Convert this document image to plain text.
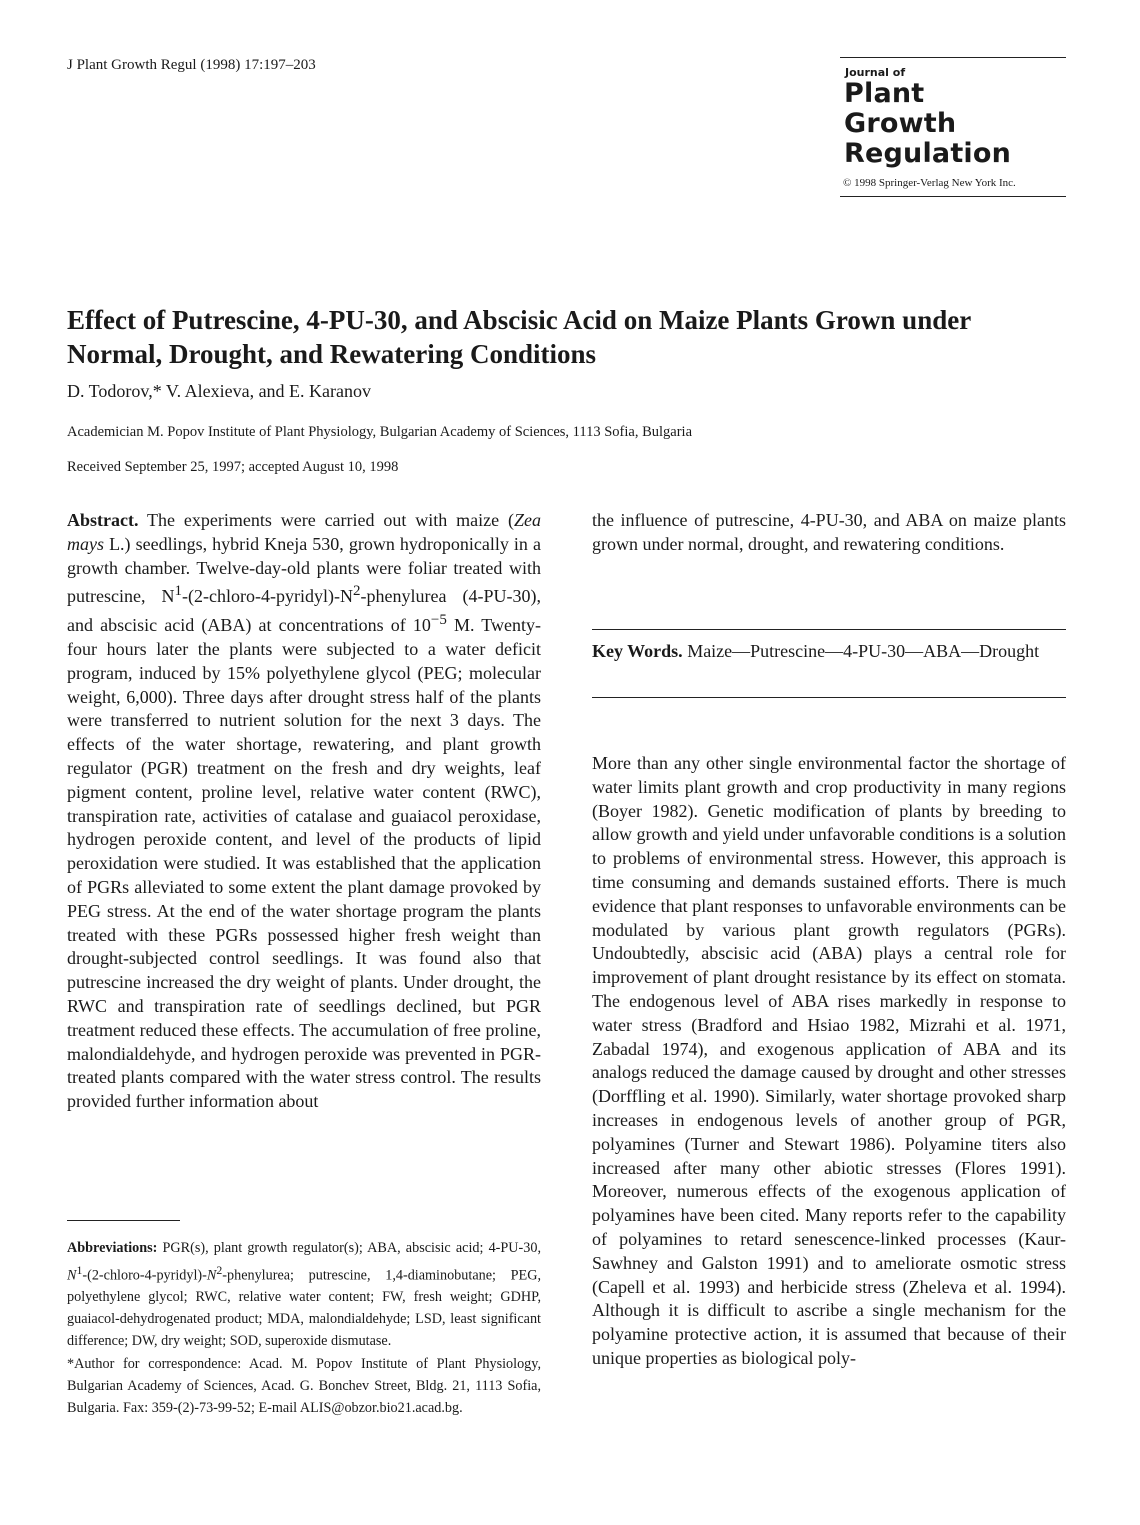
J Plant Growth Regul (1998) 17:197–203	Journal of
Plant
Growth
Regulation
© 1998 Springer-Verlag New York Inc.
Effect of Putrescine, 4-PU-30, and Abscisic Acid on Maize Plants Grown under Normal, Drought, and Rewatering Conditions
D. Todorov,* V. Alexieva, and E. Karanov
Academician M. Popov Institute of Plant Physiology, Bulgarian Academy of Sciences, 1113 Sofia, Bulgaria
Received September 25, 1997; accepted August 10, 1998

Abstract. The experiments were carried out with maize (Zea mays L.) seedlings, hybrid Kneja 530, grown hydroponically in a growth chamber. Twelve-day-old plants were foliar treated with putrescine, $N^1-(2-chloro-4-pyridyl)-N^2$-phenylurea (4-PU-30), and abscisic acid (ABA) at concentrations of $10^{-5}$ M. Twenty-four hours later the plants were subjected to a water deficit program, induced by 15% polyethylene glycol (PEG; molecular weight, 6,000). Three days after drought stress half of the plants were transferred to nutrient solution for the next 3 days. The effects of the water shortage, rewatering, and plant growth regulator (PGR) treatment on the fresh and dry weights, leaf pigment content, proline level, relative water content (RWC), transpiration rate, activities of catalase and guaiacol peroxidase, hydrogen peroxide content, and level of the products of lipid peroxidation were studied. It was established that the application of PGRs alleviated to some extent the plant damage provoked by PEG stress. At the end of the water shortage program the plants treated with these PGRs possessed higher fresh weight than drought-subjected control seedlings. It was found also that putrescine increased the dry weight of plants. Under drought, the RWC and transpiration rate of seedlings declined, but PGR treatment reduced these effects. The accumulation of free proline, malondialdehyde, and hydrogen peroxide was prevented in PGR-treated plants compared with the water stress control. The results provided further information about

the influence of putrescine, 4-PU-30, and ABA on maize plants grown under normal, drought, and rewatering conditions.

Key Words. Maize—Putrescine—4-PU-30—ABA—Drought

More than any other single environmental factor the shortage of water limits plant growth and crop productivity in many regions (Boyer 1982). Genetic modification of plants by breeding to allow growth and yield under unfavorable conditions is a solution to problems of environmental stress. However, this approach is time consuming and demands sustained efforts. There is much evidence that plant responses to unfavorable environments can be modulated by various plant growth regulators (PGRs). Undoubtedly, abscisic acid (ABA) plays a central role for improvement of plant drought resistance by its effect on stomata. The endogenous level of ABA rises markedly in response to water stress (Bradford and Hsiao 1982, Mizrahi et al. 1971, Zabadal 1974), and exogenous application of ABA and its analogs reduced the damage caused by drought and other stresses (Dorffling et al. 1990). Similarly, water shortage provoked sharp increases in endogenous levels of another group of PGR, polyamines (Turner and Stewart 1986). Polyamine titers also increased after many other abiotic stresses (Flores 1991). Moreover, numerous effects of the exogenous application of polyamines have been cited. Many reports refer to the capability of polyamines to retard senescence-linked processes (Kaur-Sawhney and Galston 1991) and to ameliorate osmotic stress (Capell et al. 1993) and herbicide stress (Zheleva et al. 1994). Although it is difficult to ascribe a single mechanism for the polyamine protective action, it is assumed that because of their unique properties as biological poly-

Abbreviations: PGR(s), plant growth regulator(s); ABA, abscisic acid; 4-PU-30, $N^1-(2-chloro-4-pyridyl)-N^2$-phenylurea; putrescine, 1,4-diaminobutane; PEG, polyethylene glycol; RWC, relative water content; FW, fresh weight; GDHP, guaiacol-dehydrogenated product; MDA, malondialdehyde; LSD, least significant difference; DW, dry weight; SOD, superoxide dismutase.

*Author for correspondence: Acad. M. Popov Institute of Plant Physiology, Bulgarian Academy of Sciences, Acad. G. Bonchev Street, Bldg. 21, 1113 Sofia, Bulgaria. Fax: 359-(2)-73-99-52; E-mail ALIS@obzor.bio21.acad.bg.
